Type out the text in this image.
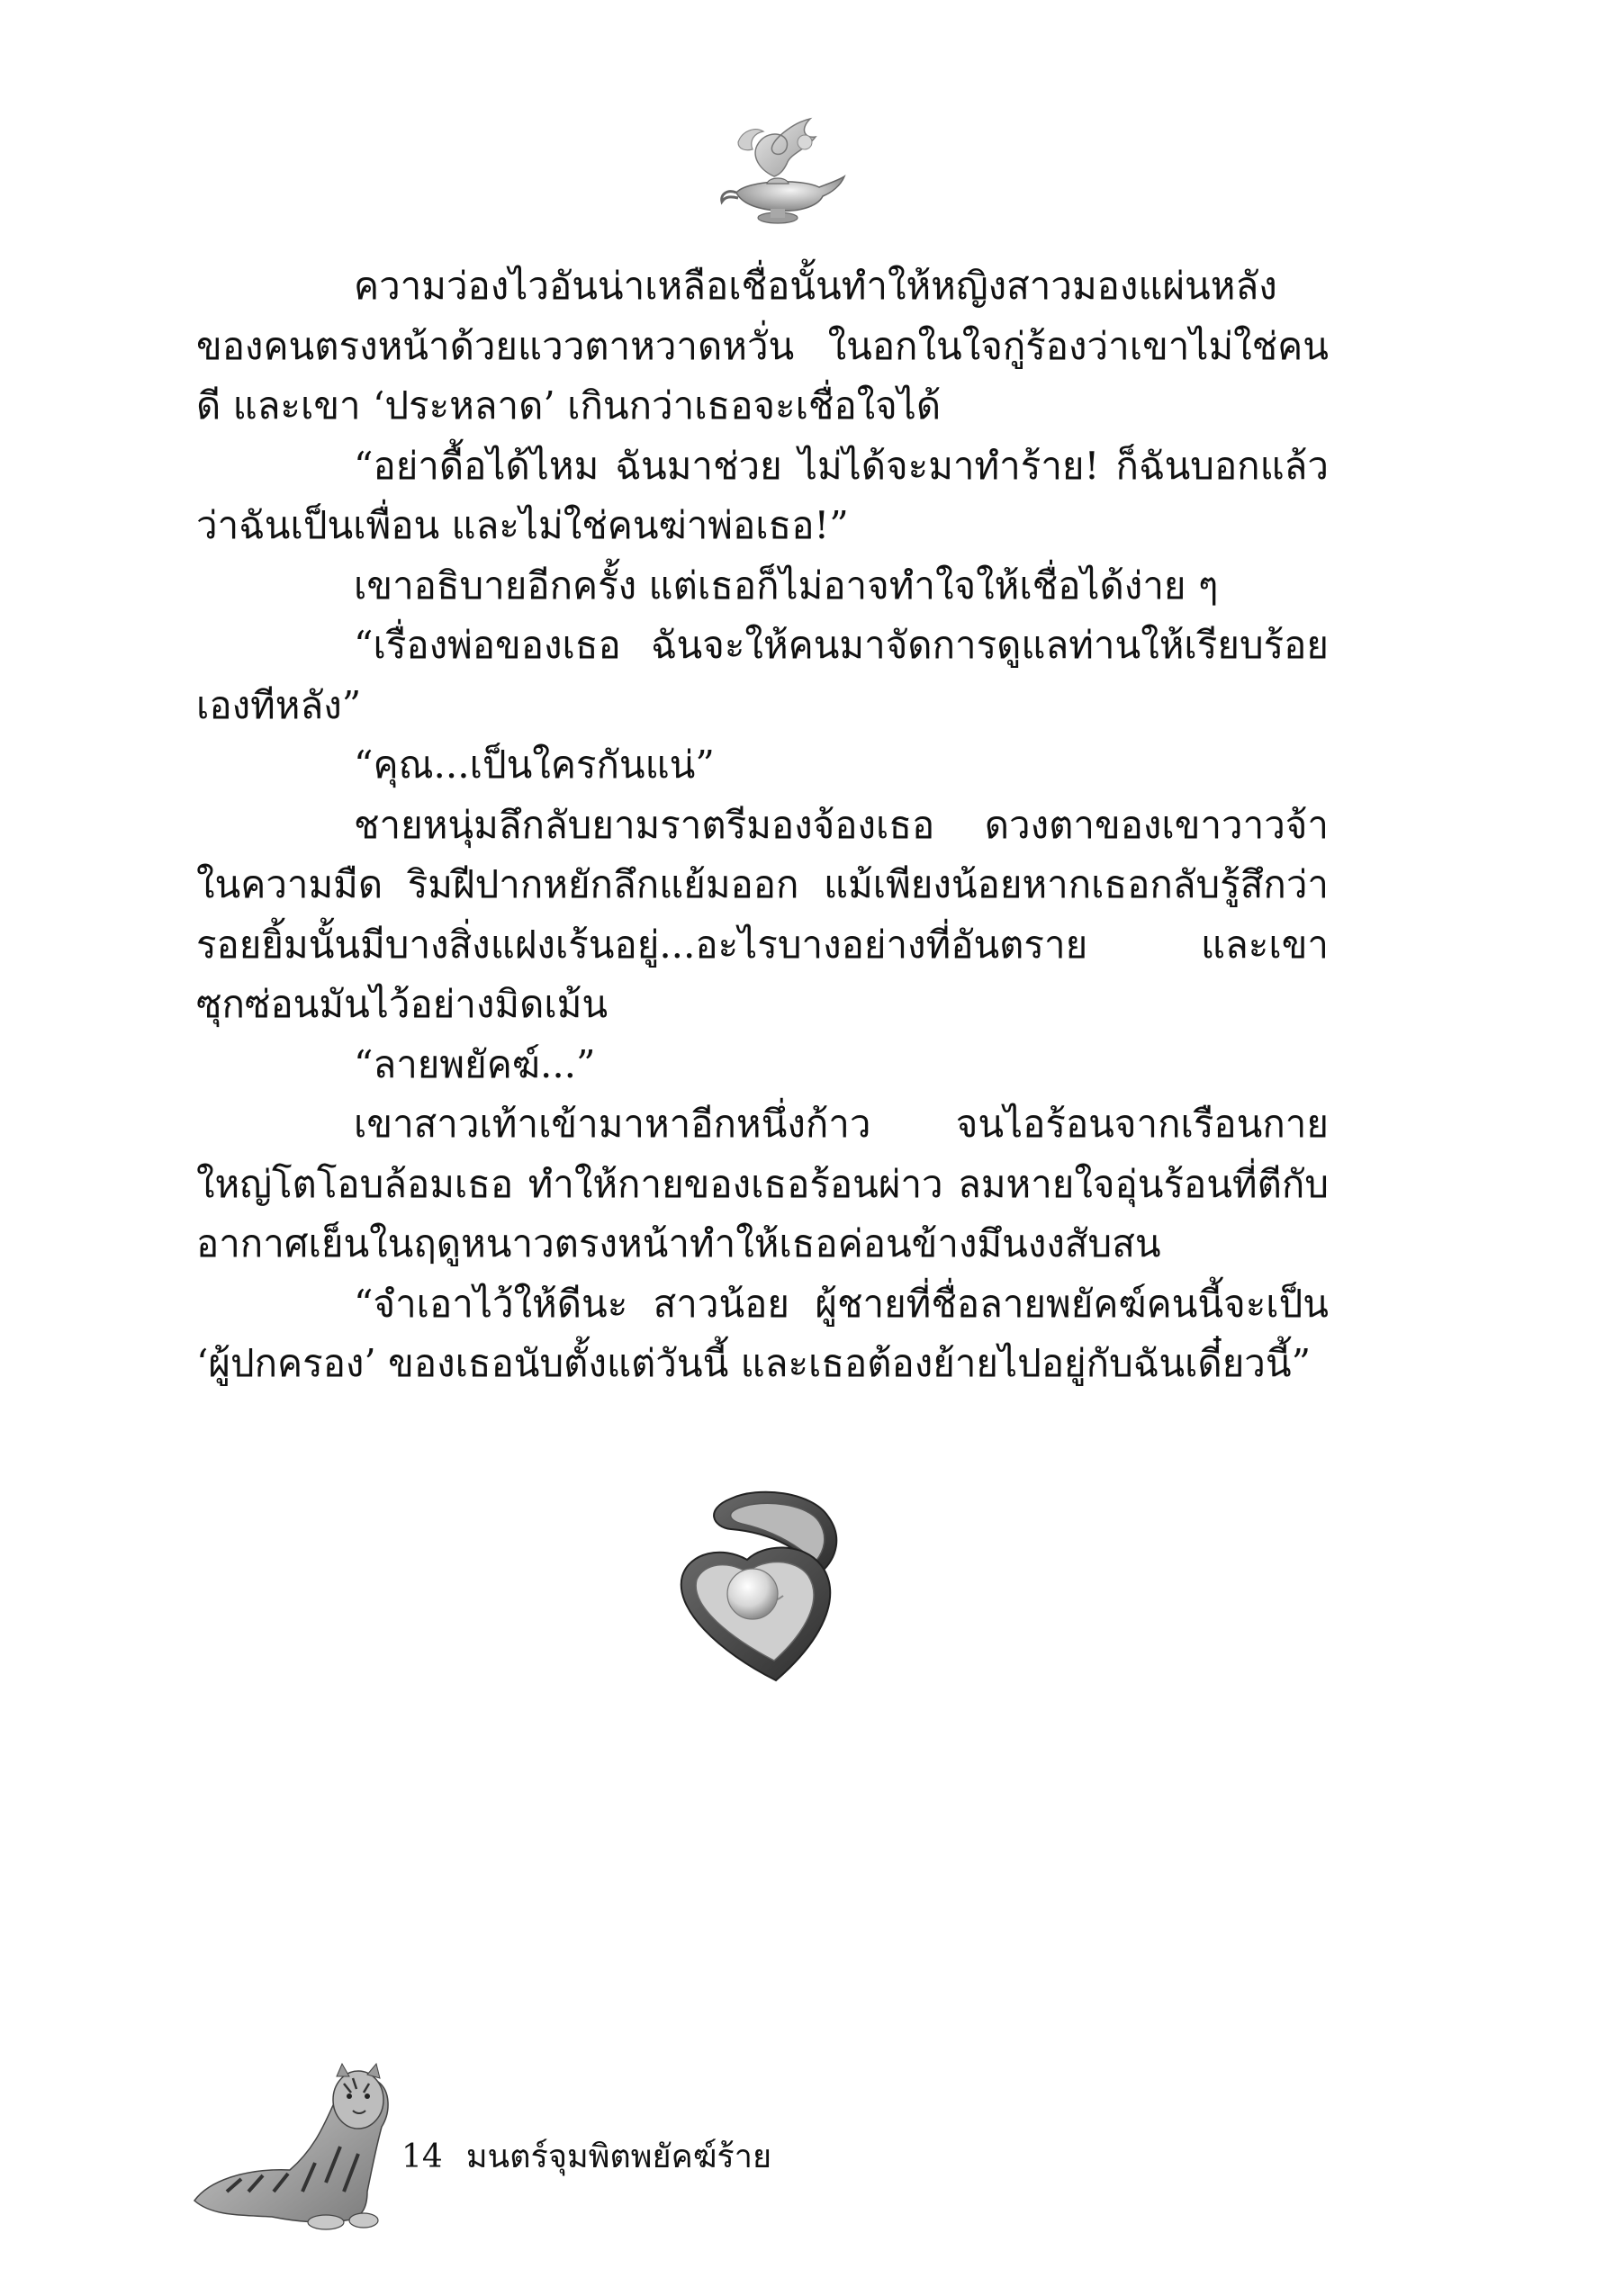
ความว่องไวอันน่าเหลือเชื่อนั้นทำให้หญิงสาวมองแผ่นหลังของคนตรงหน้าด้วยแววตาหวาดหวั่น ในอกในใจกู่ร้องว่าเขาไม่ใช่คนดี และเขา ‘ประหลาด’ เกินกว่าเธอจะเชื่อใจได้

“อย่าดื้อได้ไหม ฉันมาช่วย ไม่ได้จะมาทำร้าย! ก็ฉันบอกแล้วว่าฉันเป็นเพื่อน และไม่ใช่คนฆ่าพ่อเธอ!”

เขาอธิบายอีกครั้ง แต่เธอก็ไม่อาจทำใจให้เชื่อได้ง่าย ๆ

“เรื่องพ่อของเธอ ฉันจะให้คนมาจัดการดูแลท่านให้เรียบร้อยเองทีหลัง”

“คุณ...เป็นใครกันแน่”

ชายหนุ่มลึกลับยามราตรีมองจ้องเธอ ดวงตาของเขาวาวจ้าในความมืด ริมฝีปากหยักลึกแย้มออก แม้เพียงน้อยหากเธอกลับรู้สึกว่ารอยยิ้มนั้นมีบางสิ่งแฝงเร้นอยู่...อะไรบางอย่างที่อันตราย และเขาซุกซ่อนมันไว้อย่างมิดเม้น

“ลายพยัคฆ์...”

เขาสาวเท้าเข้ามาหาอีกหนึ่งก้าว จนไอร้อนจากเรือนกายใหญ่โตโอบล้อมเธอ ทำให้กายของเธอร้อนผ่าว ลมหายใจอุ่นร้อนที่ตีกับอากาศเย็นในฤดูหนาวตรงหน้าทำให้เธอค่อนข้างมึนงงสับสน

“จำเอาไว้ให้ดีนะ สาวน้อย ผู้ชายที่ชื่อลายพยัคฆ์คนนี้จะเป็น ‘ผู้ปกครอง’ ของเธอนับตั้งแต่วันนี้ และเธอต้องย้ายไปอยู่กับฉันเดี๋ยวนี้”

14 มนตร์จุมพิตพยัคฆ์ร้าย
